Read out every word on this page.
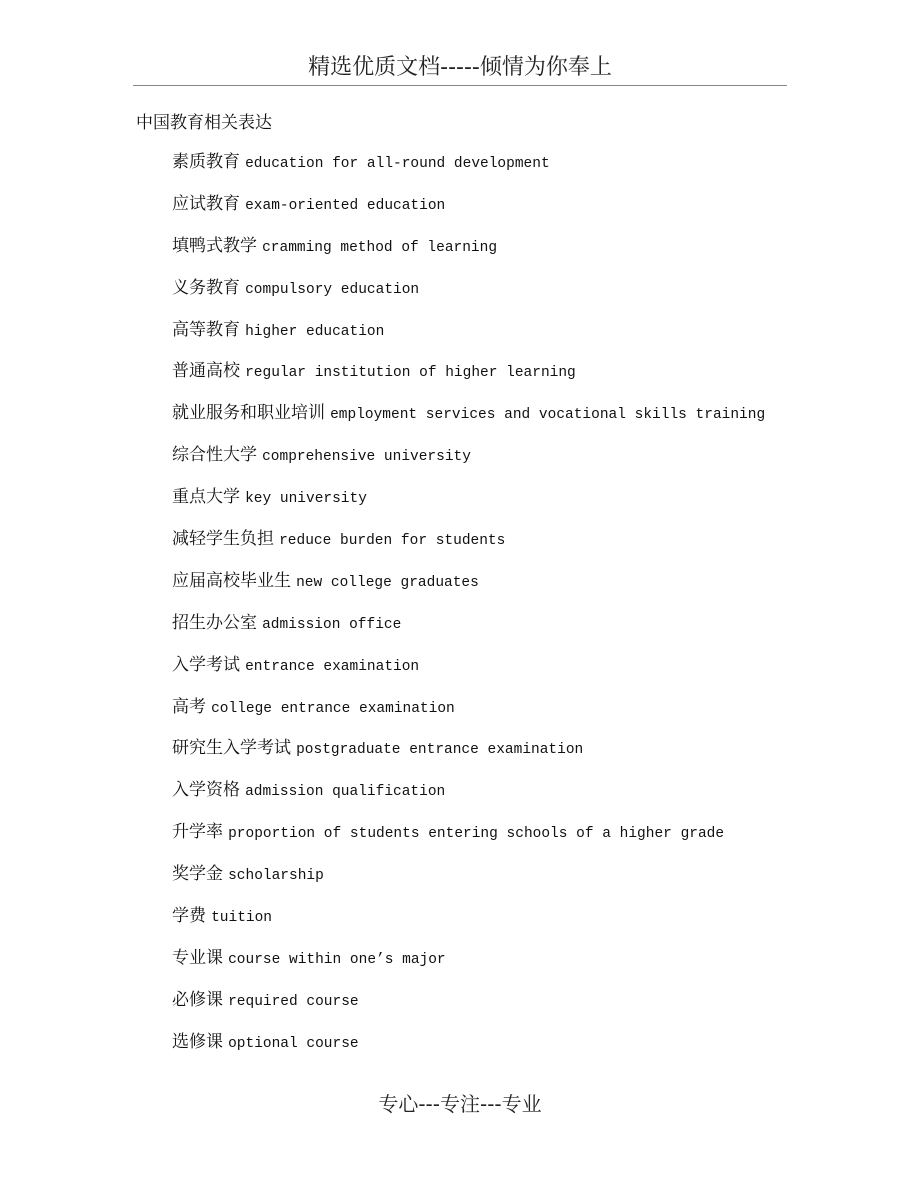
精选优质文档-----倾情为你奉上
中国教育相关表达
素质教育 education for all-round development
应试教育 exam-oriented education
填鸭式教学 cramming method of learning
义务教育 compulsory education
高等教育 higher education
普通高校 regular institution of higher learning
就业服务和职业培训 employment services and vocational skills training
综合性大学 comprehensive university
重点大学 key university
减轻学生负担 reduce burden for students
应届高校毕业生 new college graduates
招生办公室 admission office
入学考试 entrance examination
高考 college entrance examination
研究生入学考试 postgraduate entrance examination
入学资格 admission qualification
升学率 proportion of students entering schools of a higher grade
奖学金 scholarship
学费 tuition
专业课 course within one’s major
必修课 required course
选修课 optional course
专心---专注---专业
